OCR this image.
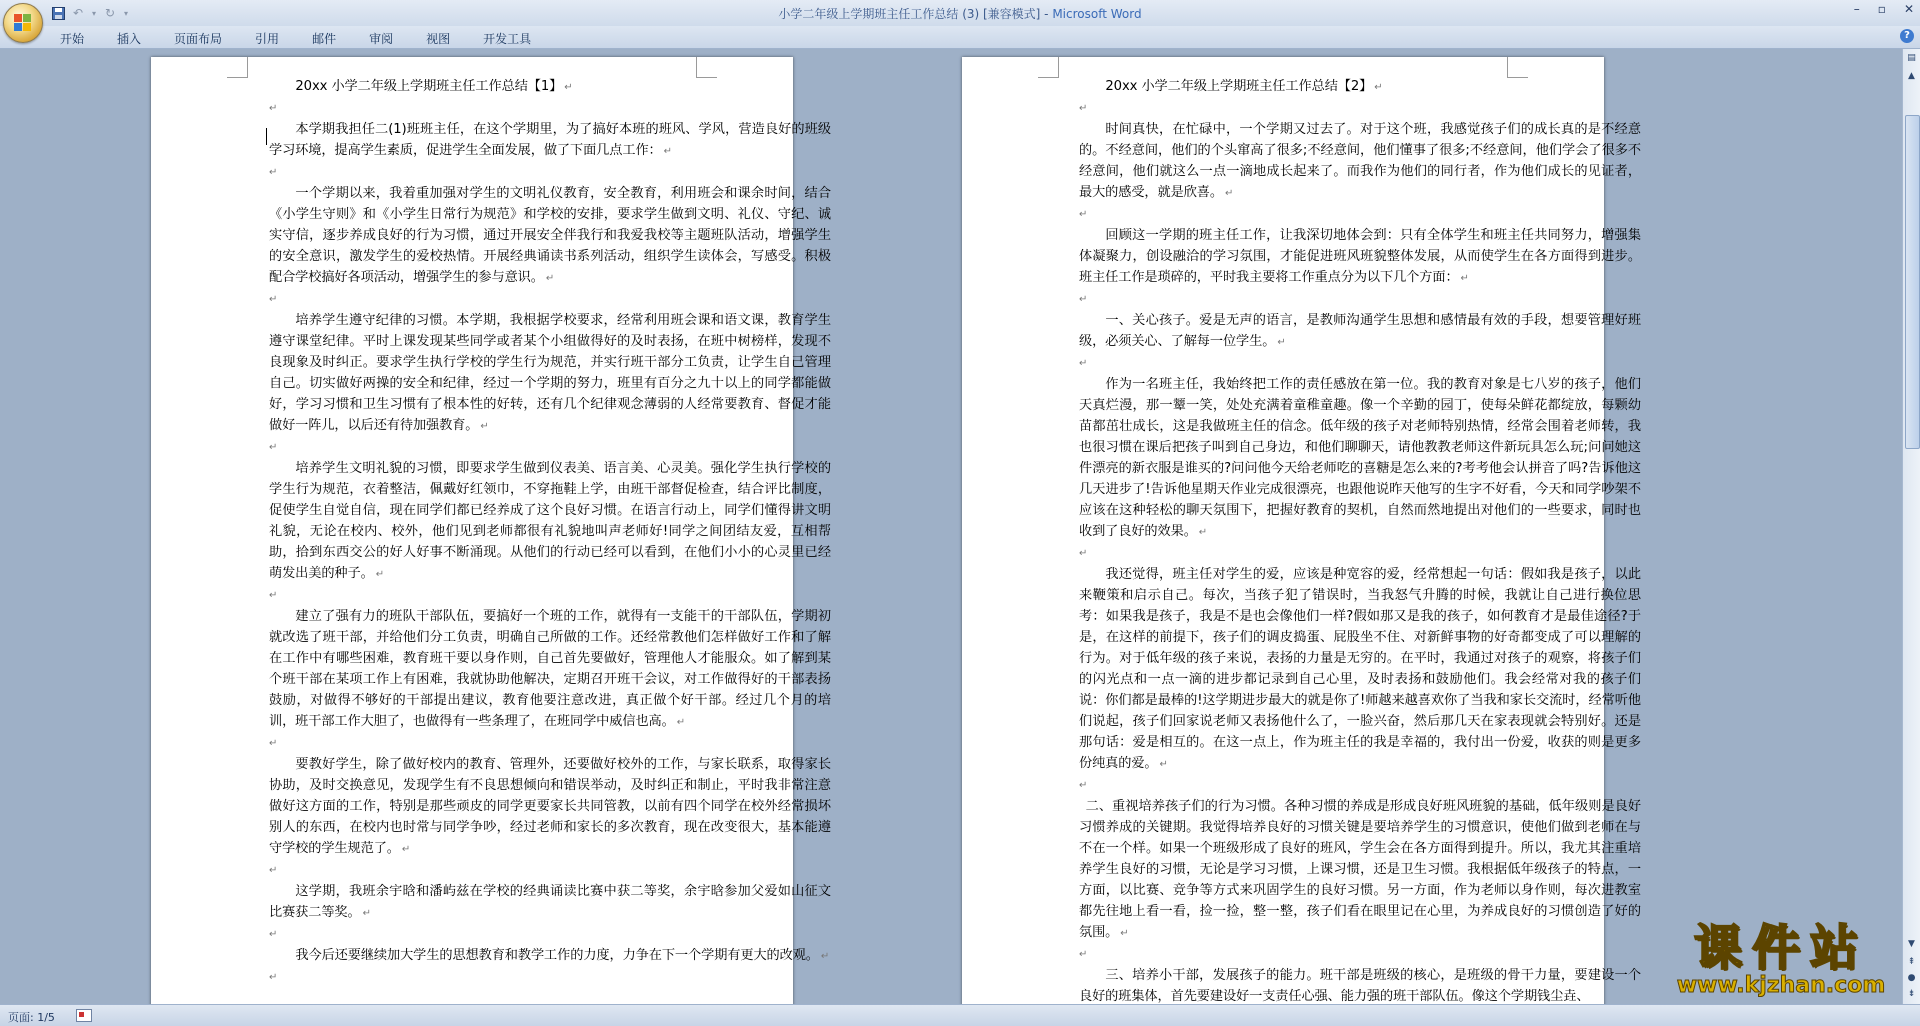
↶	▾ ↻	▾	小学二年级上学期班主任工作总结 (3) [兼容模式] - Microsoft Word	– ▫ ✕
开始	插入	页面布局	引用	邮件	审阅	视图	开发工具	?

20xx 小学二年级上学期班主任工作总结【1】 ↵

↵

本学期我担任二(1)班班主任，在这个学期里，为了搞好本班的班风、学风，营造良好的班级学习环境，提高学生素质，促进学生全面发展，做了下面几点工作： ↵

↵

一个学期以来，我着重加强对学生的文明礼仪教育，安全教育，利用班会和课余时间，结合《小学生守则》和《小学生日常行为规范》和学校的安排，要求学生做到文明、礼仪、守纪、诚实守信，逐步养成良好的行为习惯，通过开展安全伴我行和我爱我校等主题班队活动，增强学生的安全意识，激发学生的爱校热情。开展经典诵读书系列活动，组织学生读体会，写感受。积极配合学校搞好各项活动，增强学生的参与意识。 ↵

↵

培养学生遵守纪律的习惯。本学期，我根据学校要求，经常利用班会课和语文课，教育学生遵守课堂纪律。平时上课发现某些同学或者某个小组做得好的及时表扬，在班中树榜样，发现不良现象及时纠正。要求学生执行学校的学生行为规范，并实行班干部分工负责，让学生自己管理自己。切实做好两操的安全和纪律，经过一个学期的努力，班里有百分之九十以上的同学都能做好，学习习惯和卫生习惯有了根本性的好转，还有几个纪律观念薄弱的人经常要教育、督促才能做好一阵儿，以后还有待加强教育。 ↵

↵

培养学生文明礼貌的习惯，即要求学生做到仪表美、语言美、心灵美。强化学生执行学校的学生行为规范，衣着整洁，佩戴好红领巾，不穿拖鞋上学，由班干部督促检查，结合评比制度，促使学生自觉自信，现在同学们都已经养成了这个良好习惯。在语言行动上，同学们懂得讲文明礼貌，无论在校内、校外，他们见到老师都很有礼貌地叫声老师好!同学之间团结友爱，互相帮助，拾到东西交公的好人好事不断涌现。从他们的行动已经可以看到，在他们小小的心灵里已经萌发出美的种子。 ↵

↵

建立了强有力的班队干部队伍，要搞好一个班的工作，就得有一支能干的干部队伍，学期初就改选了班干部，并给他们分工负责，明确自己所做的工作。还经常教他们怎样做好工作和了解在工作中有哪些困难，教育班干要以身作则，自己首先要做好，管理他人才能服众。如了解到某个班干部在某项工作上有困难，我就协助他解决，定期召开班干会议，对工作做得好的干部表扬鼓励，对做得不够好的干部提出建议，教育他要注意改进，真正做个好干部。经过几个月的培训，班干部工作大胆了，也做得有一些条理了，在班同学中威信也高。 ↵

↵

要教好学生，除了做好校内的教育、管理外，还要做好校外的工作，与家长联系，取得家长协助，及时交换意见，发现学生有不良思想倾向和错误举动，及时纠正和制止，平时我非常注意做好这方面的工作，特别是那些顽皮的同学更要家长共同管教，以前有四个同学在校外经常损坏别人的东西，在校内也时常与同学争吵，经过老师和家长的多次教育，现在改变很大，基本能遵守学校的学生规范了。 ↵

↵

这学期，我班余宇晗和潘屿兹在学校的经典诵读比赛中获二等奖，余宇晗参加父爱如山征文比赛获二等奖。 ↵

↵

我今后还要继续加大学生的思想教育和教学工作的力度，力争在下一个学期有更大的改观。 ↵

↵

20xx 小学二年级上学期班主任工作总结【2】 ↵

↵

时间真快，在忙碌中，一个学期又过去了。对于这个班，我感觉孩子们的成长真的是不经意的。不经意间，他们的个头窜高了很多;不经意间，他们懂事了很多;不经意间，他们学会了很多不经意间，他们就这么一点一滴地成长起来了。而我作为他们的同行者，作为他们成长的见证者，最大的感受，就是欣喜。 ↵

↵

回顾这一学期的班主任工作，让我深切地体会到：只有全体学生和班主任共同努力，增强集体凝聚力，创设融洽的学习氛围，才能促进班风班貌整体发展，从而使学生在各方面得到进步。班主任工作是琐碎的，平时我主要将工作重点分为以下几个方面： ↵

↵

一、关心孩子。爱是无声的语言，是教师沟通学生思想和感情最有效的手段，想要管理好班级，必须关心、了解每一位学生。 ↵

↵

作为一名班主任，我始终把工作的责任感放在第一位。我的教育对象是七八岁的孩子，他们天真烂漫，那一颦一笑，处处充满着童稚童趣。像一个辛勤的园丁，使每朵鲜花都绽放，每颗幼苗都茁壮成长，这是我做班主任的信念。低年级的孩子对老师特别热情，经常会围着老师转，我也很习惯在课后把孩子叫到自己身边，和他们聊聊天，请他教教老师这件新玩具怎么玩;问问她这件漂亮的新衣服是谁买的?问问他今天给老师吃的喜糖是怎么来的?考考他会认拼音了吗?告诉他这几天进步了!告诉他星期天作业完成很漂亮，也跟他说昨天他写的生字不好看，今天和同学吵架不应该在这种轻松的聊天氛围下，把握好教育的契机，自然而然地提出对他们的一些要求，同时也收到了良好的效果。 ↵

↵

我还觉得，班主任对学生的爱，应该是种宽容的爱，经常想起一句话：假如我是孩子，以此来鞭策和启示自己。每次，当孩子犯了错误时，当我怒气升腾的时候，我就让自己进行换位思考：如果我是孩子，我是不是也会像他们一样?假如那又是我的孩子，如何教育才是最佳途径?于是，在这样的前提下，孩子们的调皮捣蛋、屁股坐不住、对新鲜事物的好奇都变成了可以理解的行为。对于低年级的孩子来说，表扬的力量是无穷的。在平时，我通过对孩子的观察，将孩子们的闪光点和一点一滴的进步都记录到自己心里，及时表扬和鼓励他们。我会经常对我的孩子们说：你们都是最棒的!这学期进步最大的就是你了!师越来越喜欢你了当我和家长交流时，经常听他们说起，孩子们回家说老师又表扬他什么了，一脸兴奋，然后那几天在家表现就会特别好。还是那句话：爱是相互的。在这一点上，作为班主任的我是幸福的，我付出一份爱，收获的则是更多份纯真的爱。 ↵

↵

二、重视培养孩子们的行为习惯。各种习惯的养成是形成良好班风班貌的基础，低年级则是良好习惯养成的关键期。我觉得培养良好的习惯关键是要培养学生的习惯意识，使他们做到老师在与不在一个样。如果一个班级形成了良好的班风，学生会在各方面得到提升。所以，我尤其注重培养学生良好的习惯，无论是学习习惯，上课习惯，还是卫生习惯。我根据低年级孩子的特点，一方面，以比赛、竞争等方式来巩固学生的良好习惯。另一方面，作为老师以身作则，每次进教室都先往地上看一看，捡一捡，整一整，孩子们看在眼里记在心里，为养成良好的习惯创造了好的氛围。 ↵

↵

三、培养小干部，发展孩子的能力。班干部是班级的核心，是班级的骨干力量，要建设一个良好的班集体，首先要建设好一支责任心强、能力强的班干部队伍。像这个学期钱尘垚、

▤
▲
▼
⇞
●
⇟
课件站
www.kjzhan.com
页面: 1/5
